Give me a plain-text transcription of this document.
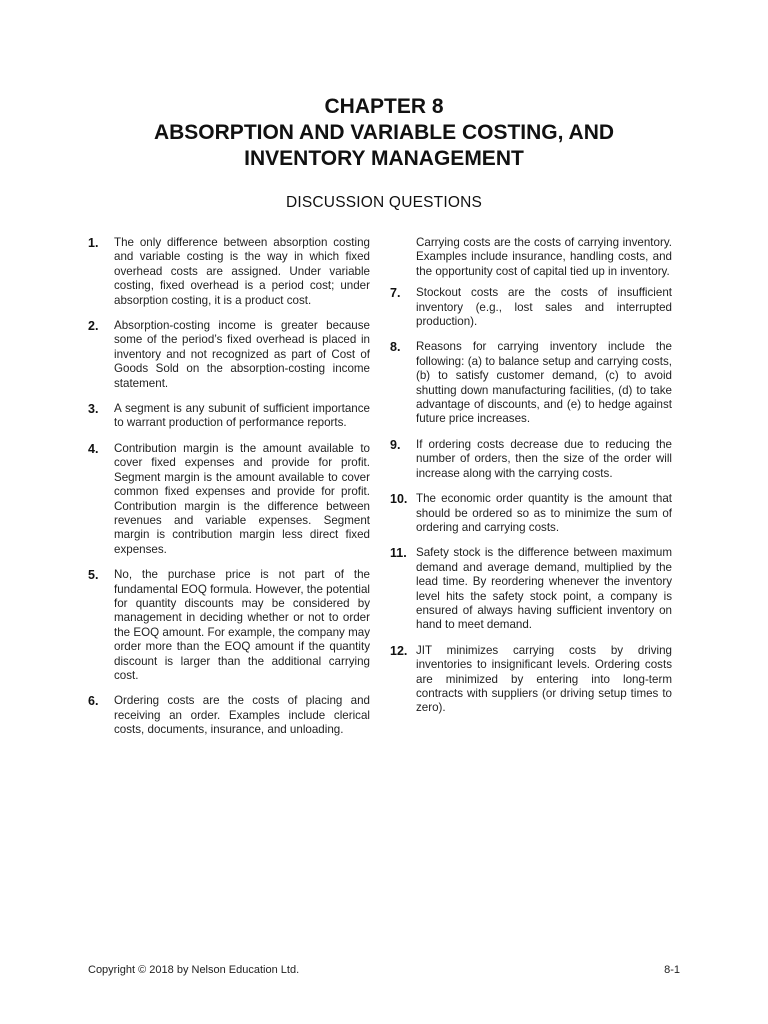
CHAPTER 8
ABSORPTION AND VARIABLE COSTING, AND
INVENTORY MANAGEMENT
DISCUSSION QUESTIONS
1. The only difference between absorption costing and variable costing is the way in which fixed overhead costs are assigned. Under variable costing, fixed overhead is a period cost; under absorption costing, it is a product cost.
2. Absorption-costing income is greater because some of the period’s fixed overhead is placed in inventory and not recognized as part of Cost of Goods Sold on the absorption-costing income statement.
3. A segment is any subunit of sufficient importance to warrant production of performance reports.
4. Contribution margin is the amount available to cover fixed expenses and provide for profit. Segment margin is the amount available to cover common fixed expenses and provide for profit. Contribution margin is the difference between revenues and variable expenses. Segment margin is contribution margin less direct fixed expenses.
5. No, the purchase price is not part of the fundamental EOQ formula. However, the potential for quantity discounts may be considered by management in deciding whether or not to order the EOQ amount. For example, the company may order more than the EOQ amount if the quantity discount is larger than the additional carrying cost.
6. Ordering costs are the costs of placing and receiving an order. Examples include clerical costs, documents, insurance, and unloading.
Carrying costs are the costs of carrying inventory. Examples include insurance, handling costs, and the opportunity cost of capital tied up in inventory.
7. Stockout costs are the costs of insufficient inventory (e.g., lost sales and interrupted production).
8. Reasons for carrying inventory include the following: (a) to balance setup and carrying costs, (b) to satisfy customer demand, (c) to avoid shutting down manufacturing facilities, (d) to take advantage of discounts, and (e) to hedge against future price increases.
9. If ordering costs decrease due to reducing the number of orders, then the size of the order will increase along with the carrying costs.
10. The economic order quantity is the amount that should be ordered so as to minimize the sum of ordering and carrying costs.
11. Safety stock is the difference between maximum demand and average demand, multiplied by the lead time. By reordering whenever the inventory level hits the safety stock point, a company is ensured of always having sufficient inventory on hand to meet demand.
12. JIT minimizes carrying costs by driving inventories to insignificant levels. Ordering costs are minimized by entering into long-term contracts with suppliers (or driving setup times to zero).
Copyright © 2018 by Nelson Education Ltd.	8-1
